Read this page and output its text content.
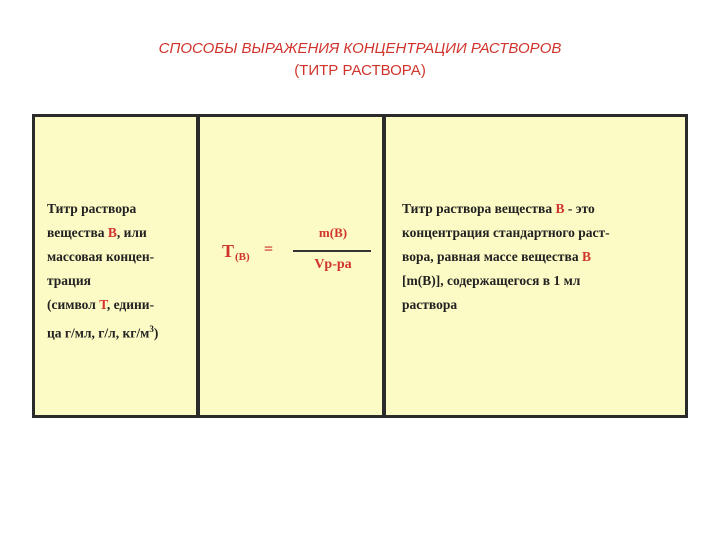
СПОСОБЫ ВЫРАЖЕНИЯ КОНЦЕНТРАЦИИ РАСТВОРОВ
(ТИТР РАСТВОРА)
Титр раствора
вещества В, или
массовая концен-
трация
(символ Т, едини-
ца г/мл, г/л, $кг/м^3$)
Т (В) =
m(В)
Vр-ра
Титр раствора вещества В - это
концентрация стандартного раст-
вора, равная массе вещества В
[m(В)], содержащегося в 1 мл
раствора
